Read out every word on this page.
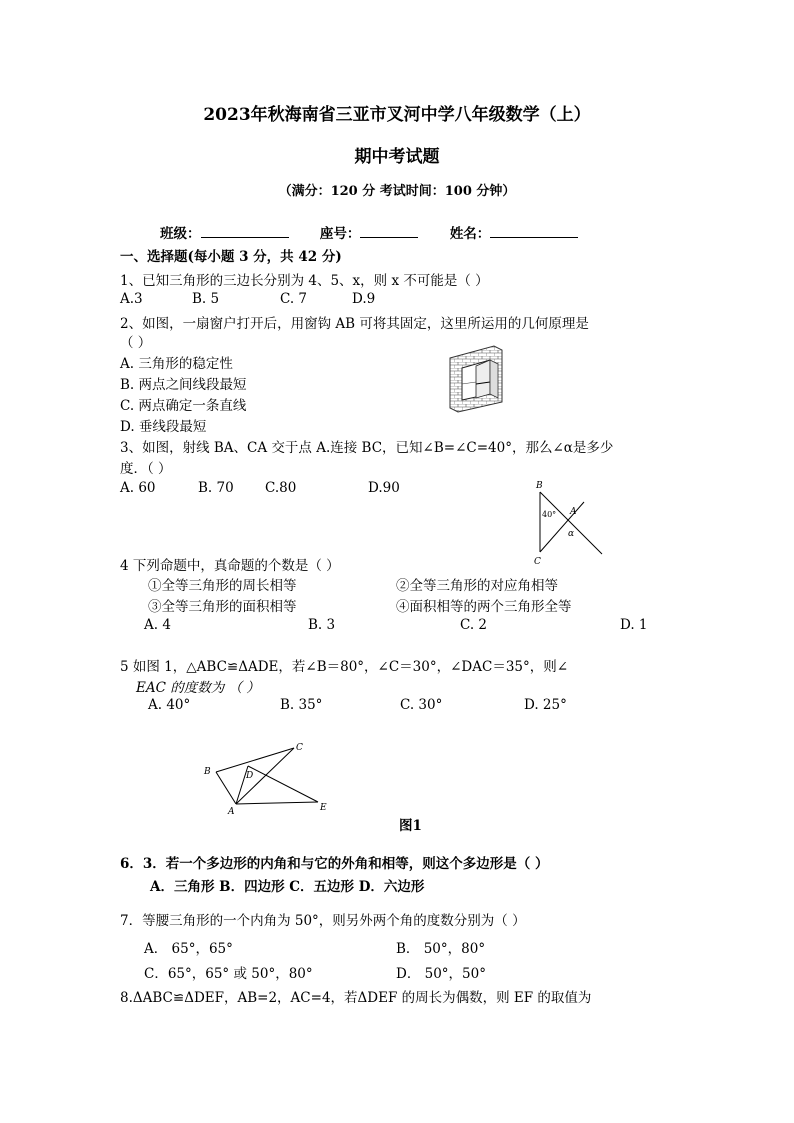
2023年秋海南省三亚市叉河中学八年级数学（上）
期中考试题
（满分：120 分 考试时间：100 分钟）
班级：	座号：	姓名：
一、选择题(每小题 3 分，共 42 分)
1、已知三角形的三边长分别为 4、5、x，则 x 不可能是（ ）
A.3	B. 5	C. 7	D.9
2、如图，一扇窗户打开后，用窗钩 AB 可将其固定，这里所运用的几何原理是
（ ）
A. 三角形的稳定性
B. 两点之间线段最短
C. 两点确定一条直线
D. 垂线段最短
3、如图，射线 BA、CA 交于点 A.连接 BC，已知∠B=∠C=40°，那么∠α是多少
度．（ ）
A. 60	B. 70 C.80	D.90	B
A
C
40°
α
4 下列命题中，真命题的个数是（ ）
①全等三角形的周长相等	②全等三角形的对应角相等
③全等三角形的面积相等	④面积相等的两个三角形全等
A. 4	B. 3	C. 2	D. 1
5 如图 1，△ABC≌ΔADE，若∠B＝80°，∠C＝30°，∠DAC＝35°，则∠
EAC 的度数为 （ ）
A. 40°	B. 35°	C. 30°	D. 25°
A
B
C
D
E
图1
6．3．若一个多边形的内角和与它的外角和相等，则这个多边形是（ ）
A．三角形 B．四边形 C．五边形 D．六边形
7．等腰三角形的一个内角为 50°，则另外两个角的度数分别为（ ）
A． 65°，65°	B． 50°，80°
C．65°，65° 或 50°，80°	D． 50°，50°
8.ΔABC≌ΔDEF，AB=2，AC=4，若ΔDEF 的周长为偶数，则 EF 的取值为
